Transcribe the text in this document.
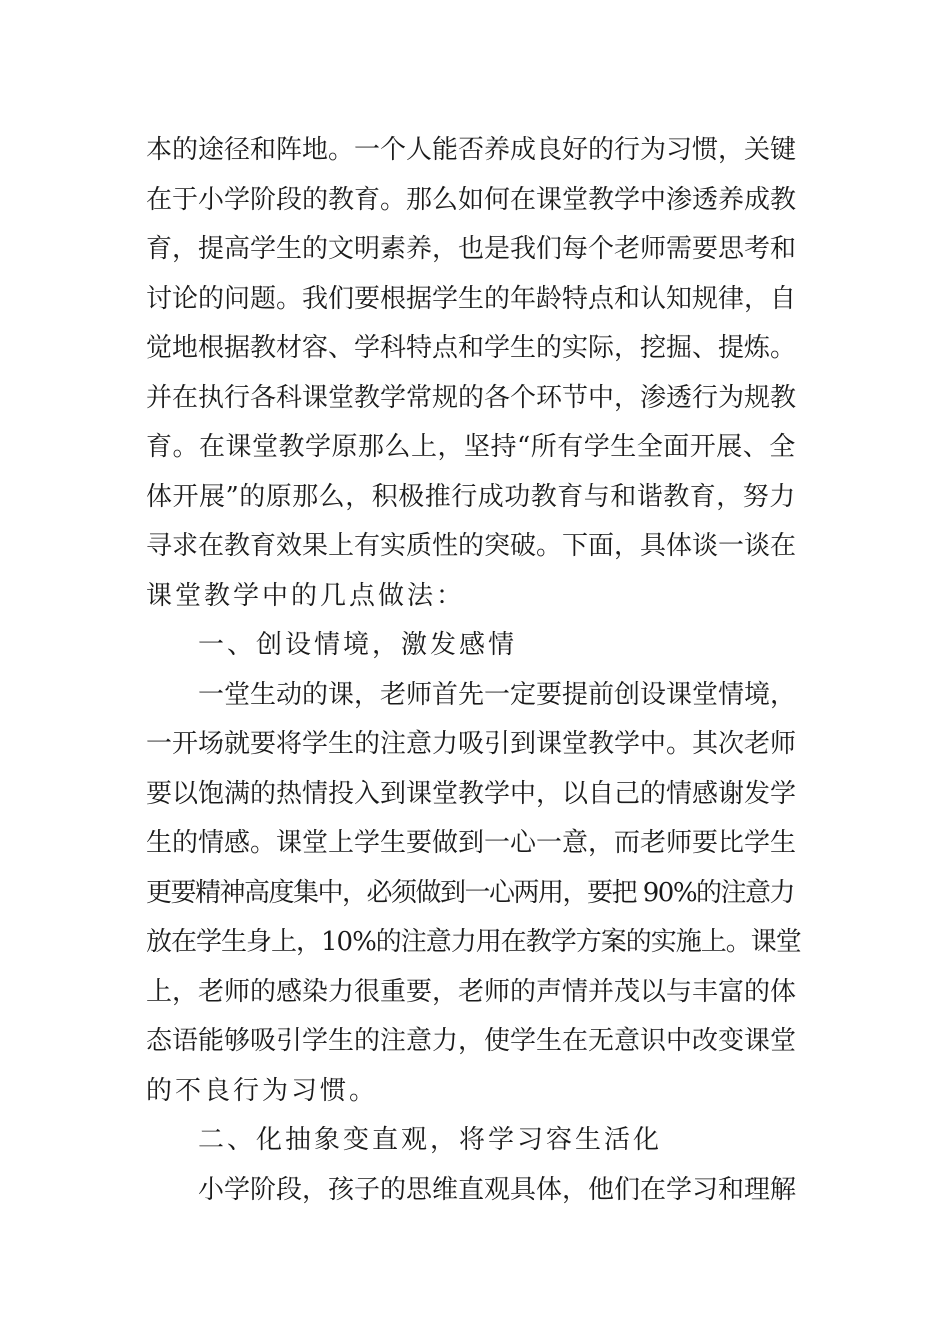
本的途径和阵地。一个人能否养成良好的行为习惯，关键
在于小学阶段的教育。那么如何在课堂教学中渗透养成教
育，提高学生的文明素养，也是我们每个老师需要思考和
讨论的问题。我们要根据学生的年龄特点和认知规律，自
觉地根据教材容、学科特点和学生的实际，挖掘、提炼。
并在执行各科课堂教学常规的各个环节中，渗透行为规教
育。在课堂教学原那么上，坚持“所有学生全面开展、全
体开展”的原那么，积极推行成功教育与和谐教育，努力
寻求在教育效果上有实质性的突破。下面，具体谈一谈在
课堂教学中的几点做法：
一、创设情境，激发感情
一堂生动的课，老师首先一定要提前创设课堂情境，
一开场就要将学生的注意力吸引到课堂教学中。其次老师
要以饱满的热情投入到课堂教学中，以自己的情感谢发学
生的情感。课堂上学生要做到一心一意，而老师要比学生
更要精神高度集中，必须做到一心两用，要把 90%的注意力
放在学生身上，10%的注意力用在教学方案的实施上。课堂
上，老师的感染力很重要，老师的声情并茂以与丰富的体
态语能够吸引学生的注意力，使学生在无意识中改变课堂
的不良行为习惯。
二、化抽象变直观，将学习容生活化
小学阶段，孩子的思维直观具体，他们在学习和理解
